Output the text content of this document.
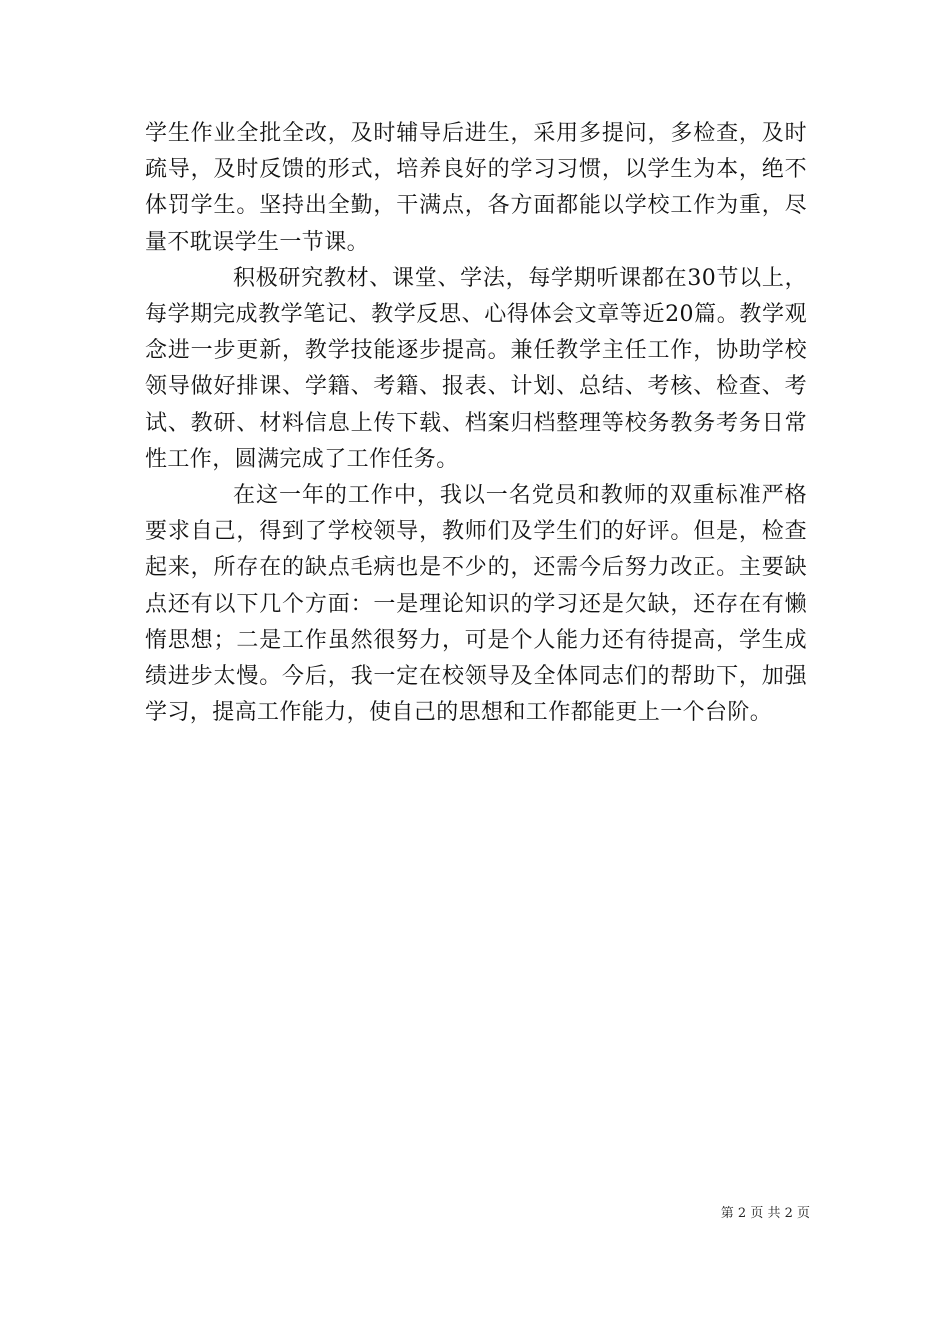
学生作业全批全改，及时辅导后进生，采用多提问，多检查，及时疏导，及时反馈的形式，培养良好的学习习惯，以学生为本，绝不体罚学生。坚持出全勤，干满点，各方面都能以学校工作为重，尽量不耽误学生一节课。

积极研究教材、课堂、学法，每学期听课都在30节以上，每学期完成教学笔记、教学反思、心得体会文章等近20篇。教学观念进一步更新，教学技能逐步提高。兼任教学主任工作，协助学校领导做好排课、学籍、考籍、报表、计划、总结、考核、检查、考试、教研、材料信息上传下载、档案归档整理等校务教务考务日常性工作，圆满完成了工作任务。

在这一年的工作中，我以一名党员和教师的双重标准严格要求自己，得到了学校领导，教师们及学生们的好评。但是，检查起来，所存在的缺点毛病也是不少的，还需今后努力改正。主要缺点还有以下几个方面：一是理论知识的学习还是欠缺，还存在有懒惰思想；二是工作虽然很努力，可是个人能力还有待提高，学生成绩进步太慢。今后，我一定在校领导及全体同志们的帮助下，加强学习，提高工作能力，使自己的思想和工作都能更上一个台阶。

第 2 页 共 2 页
